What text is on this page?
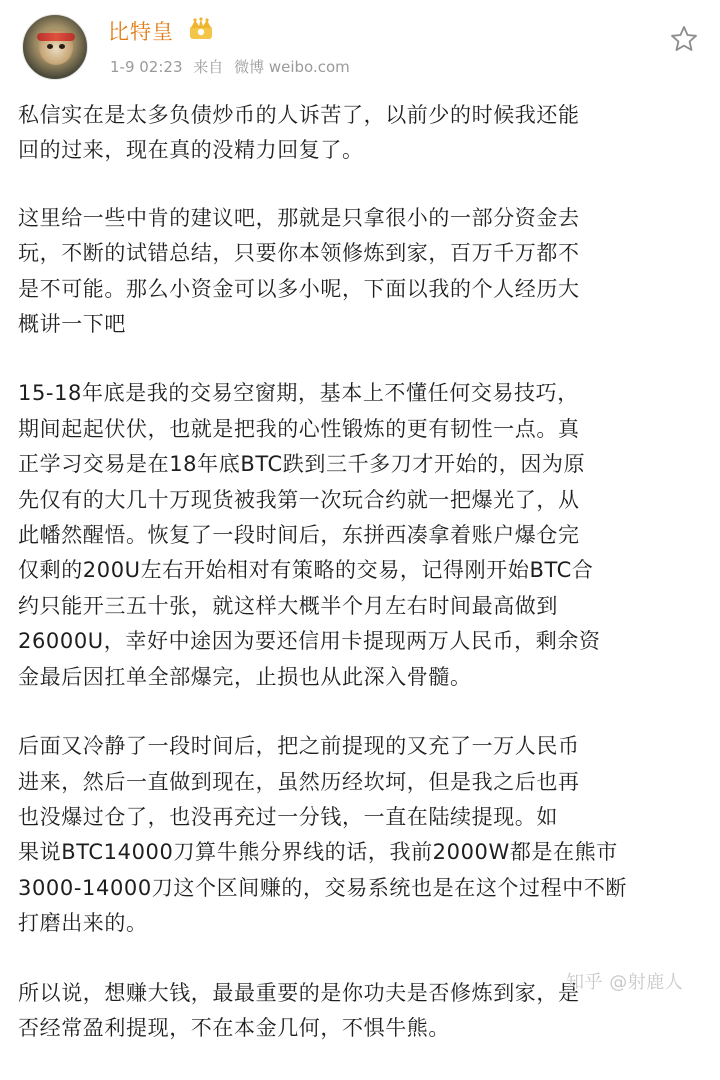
比特皇
1-9 02:23 来自 微博 weibo.com

私信实在是太多负债炒币的人诉苦了，以前少的时候我还能
回的过来，现在真的没精力回复了。

这里给一些中肯的建议吧，那就是只拿很小的一部分资金去
玩，不断的试错总结，只要你本领修炼到家，百万千万都不
是不可能。那么小资金可以多小呢，下面以我的个人经历大
概讲一下吧

15-18年底是我的交易空窗期，基本上不懂任何交易技巧，
期间起起伏伏，也就是把我的心性锻炼的更有韧性一点。真
正学习交易是在18年底BTC跌到三千多刀才开始的，因为原
先仅有的大几十万现货被我第一次玩合约就一把爆光了，从
此幡然醒悟。恢复了一段时间后，东拼西凑拿着账户爆仓完
仅剩的200U左右开始相对有策略的交易，记得刚开始BTC合
约只能开三五十张，就这样大概半个月左右时间最高做到
26000U，幸好中途因为要还信用卡提现两万人民币，剩余资
金最后因扛单全部爆完，止损也从此深入骨髓。

后面又冷静了一段时间后，把之前提现的又充了一万人民币
进来，然后一直做到现在，虽然历经坎坷，但是我之后也再
也没爆过仓了，也没再充过一分钱，一直在陆续提现。如
果说BTC14000刀算牛熊分界线的话，我前2000W都是在熊市
3000-14000刀这个区间赚的，交易系统也是在这个过程中不断
打磨出来的。

所以说，想赚大钱，最最重要的是你功夫是否修炼到家，是
否经常盈利提现，不在本金几何，不惧牛熊。

知乎 @射鹿人
